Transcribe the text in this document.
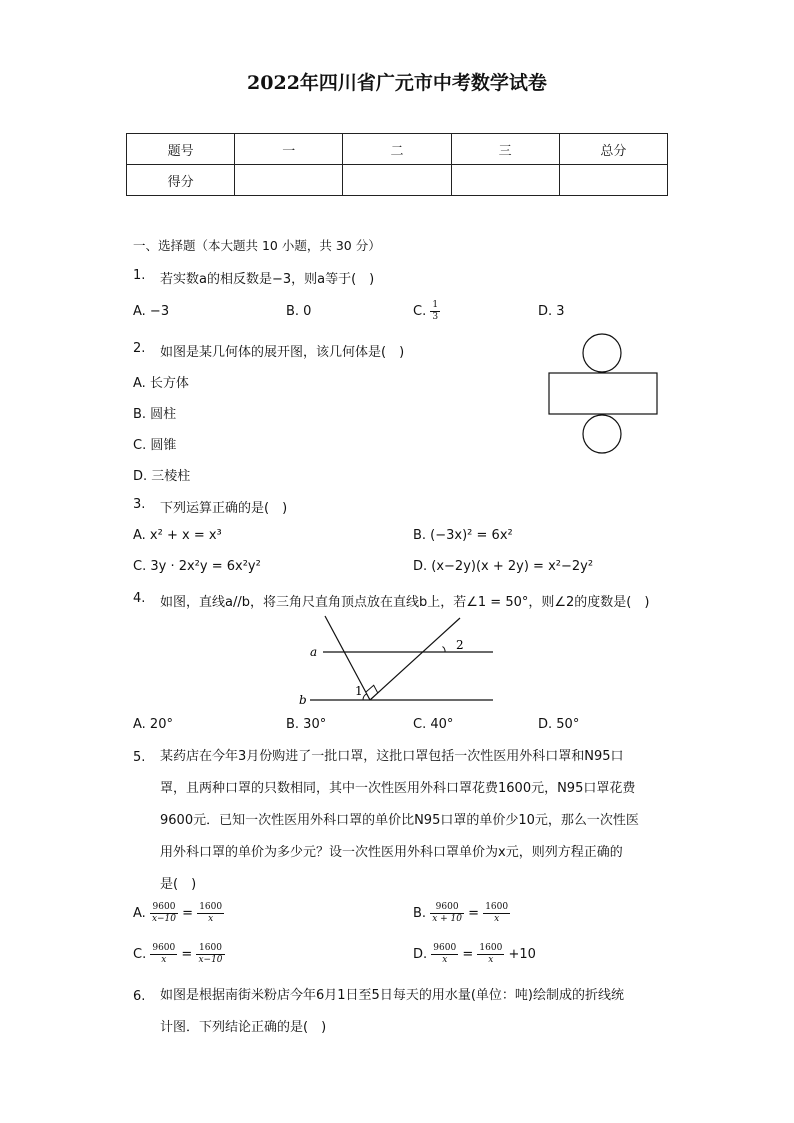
2022年四川省广元市中考数学试卷
题号	一	二	三	总分
得分				
一、选择题（本大题共 10 小题，共 30 分）
1. 若实数a的相反数是−3，则a等于(　)
A. −3	B. 0	C. $\frac{1}{3}$	D. 3
2. 如图是某几何体的展开图，该几何体是(　)
A. 长方体
B. 圆柱
C. 圆锥
D. 三棱柱
3. 下列运算正确的是(　)
A. x² + x = x³	B. (−3x)² = 6x²
C. 3y · 2x²y = 6x²y²	D. (x−2y)(x + 2y) = x²−2y²
4. 如图，直线a//b，将三角尺直角顶点放在直线b上，若∠1 = 50°，则∠2的度数是(　)
a
b
1
2
A. 20°	B. 30°	C. 40°	D. 50°
5. 某药店在今年3月份购进了一批口罩，这批口罩包括一次性医用外科口罩和N95口
罩，且两种口罩的只数相同，其中一次性医用外科口罩花费1600元，N95口罩花费
9600元．已知一次性医用外科口罩的单价比N95口罩的单价少10元，那么一次性医
用外科口罩的单价为多少元？设一次性医用外科口罩单价为x元，则列方程正确的
是(　)
A. $\frac{9600}{x-10} = \frac{1600}{x}$	B. $\frac{9600}{x + 10} = \frac{1600}{x}$
C. $\frac{9600}{x} = \frac{1600}{x-10}$	D. $\frac{9600}{x} = \frac{1600}{x} +10$
6. 如图是根据南街米粉店今年6月1日至5日每天的用水量(单位：吨)绘制成的折线统
计图．下列结论正确的是(　)
